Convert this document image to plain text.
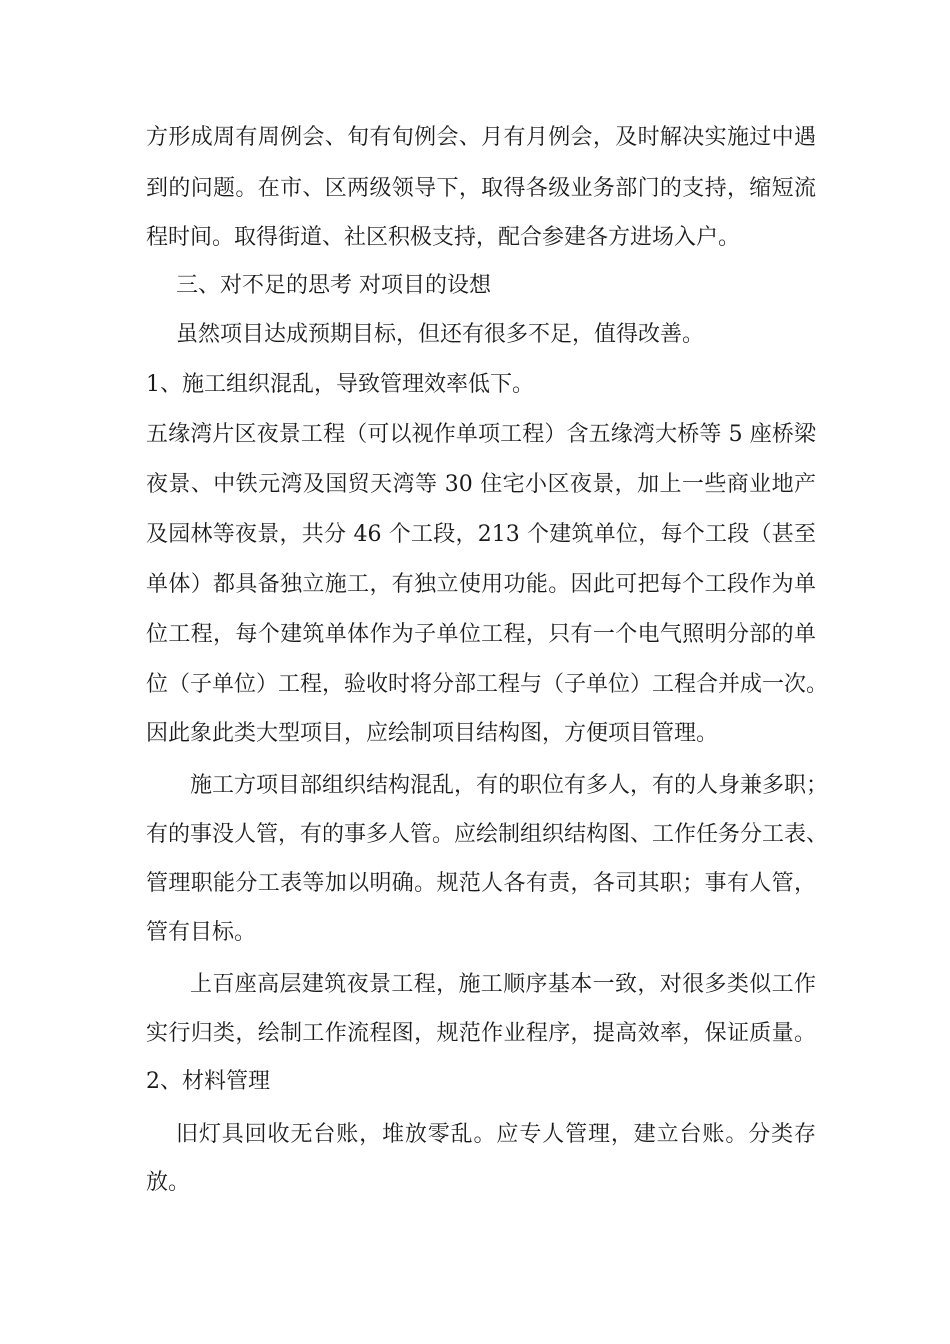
方形成周有周例会、旬有旬例会、月有月例会，及时解决实施过中遇
到的问题。在市、区两级领导下，取得各级业务部门的支持，缩短流
程时间。取得街道、社区积极支持，配合参建各方进场入户。
三、对不足的思考 对项目的设想
虽然项目达成预期目标，但还有很多不足，值得改善。
1、施工组织混乱，导致管理效率低下。
五缘湾片区夜景工程（可以视作单项工程）含五缘湾大桥等 5 座桥梁
夜景、中铁元湾及国贸天湾等 30 住宅小区夜景，加上一些商业地产
及园林等夜景，共分 46 个工段，213 个建筑单位，每个工段（甚至
单体）都具备独立施工，有独立使用功能。因此可把每个工段作为单
位工程，每个建筑单体作为子单位工程，只有一个电气照明分部的单
位（子单位）工程，验收时将分部工程与（子单位）工程合并成一次。
因此象此类大型项目，应绘制项目结构图，方便项目管理。
施工方项目部组织结构混乱，有的职位有多人，有的人身兼多职；
有的事没人管，有的事多人管。应绘制组织结构图、工作任务分工表、
管理职能分工表等加以明确。规范人各有责，各司其职；事有人管，
管有目标。
上百座高层建筑夜景工程，施工顺序基本一致，对很多类似工作
实行归类，绘制工作流程图，规范作业程序，提高效率，保证质量。
2、材料管理
旧灯具回收无台账，堆放零乱。应专人管理，建立台账。分类存
放。
